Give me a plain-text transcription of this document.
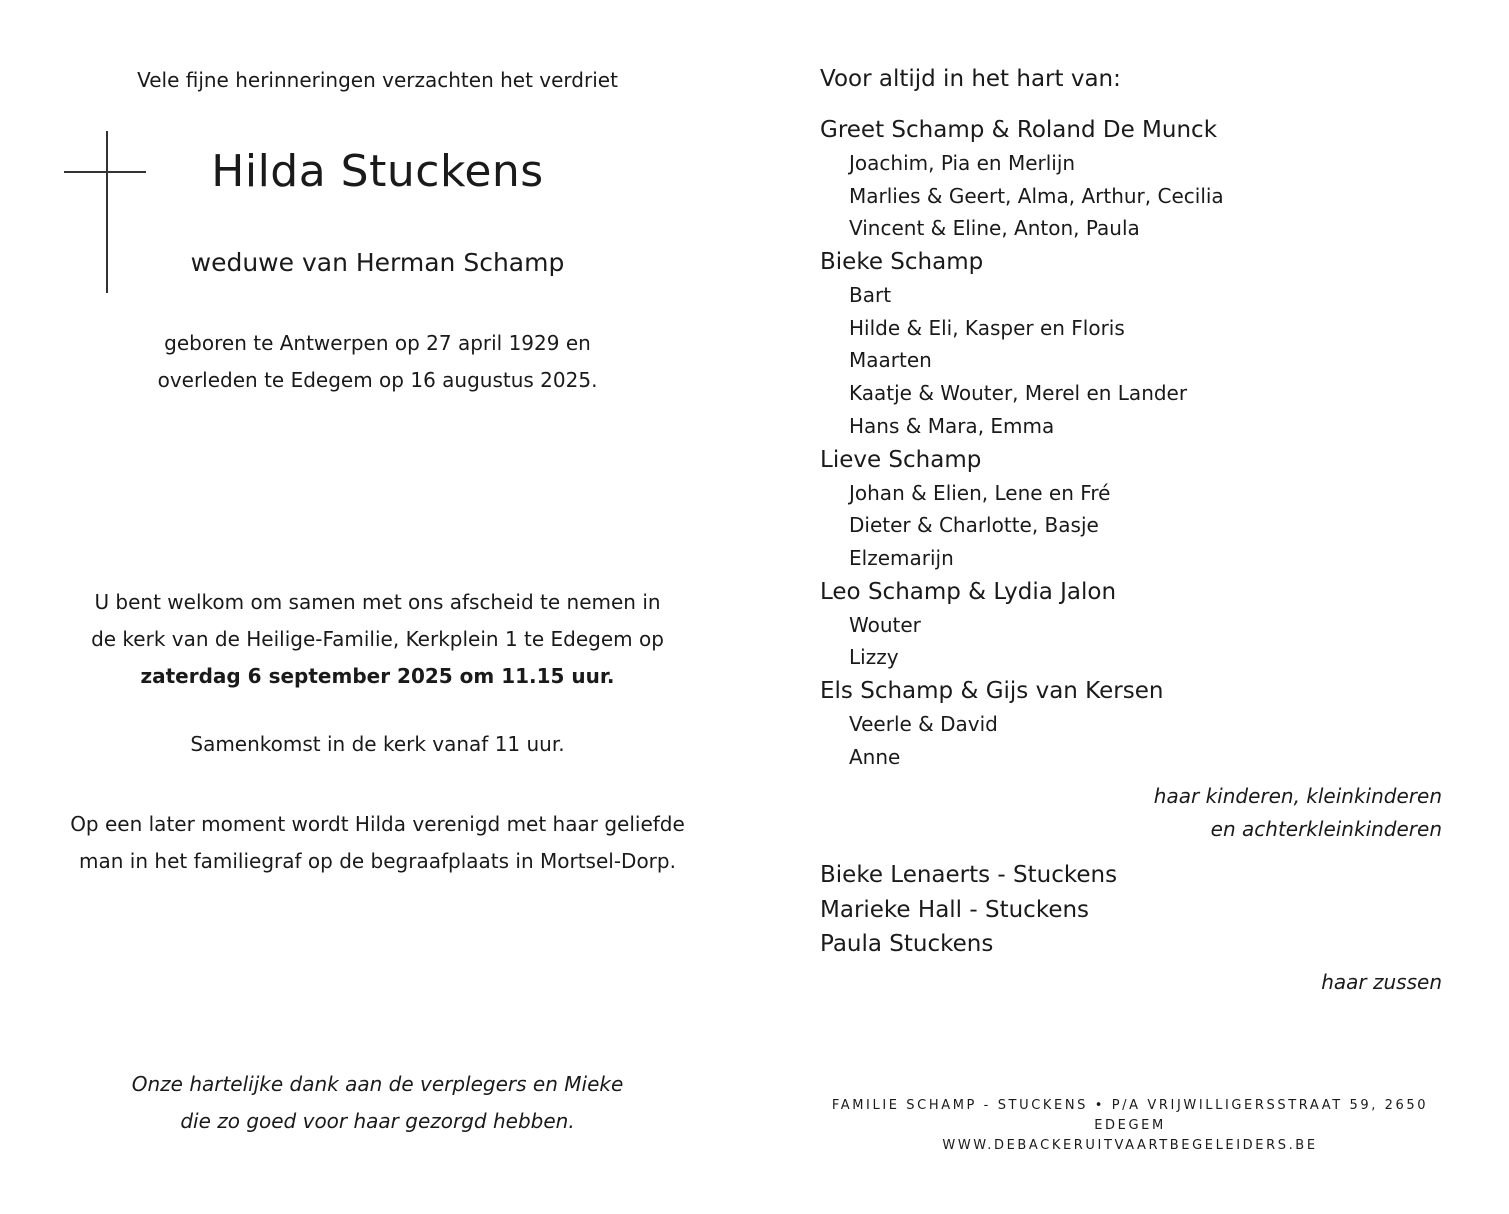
Vele fijne herinneringen verzachten het verdriet
Hilda Stuckens
weduwe van Herman Schamp
geboren te Antwerpen op 27 april 1929 en
overleden te Edegem op 16 augustus 2025.
U bent welkom om samen met ons afscheid te nemen in
de kerk van de Heilige-Familie, Kerkplein 1 te Edegem op
zaterdag 6 september 2025 om 11.15 uur.
Samenkomst in de kerk vanaf 11 uur.
Op een later moment wordt Hilda verenigd met haar geliefde
man in het familiegraf op de begraafplaats in Mortsel-Dorp.
Onze hartelijke dank aan de verplegers en Mieke
die zo goed voor haar gezorgd hebben.
Voor altijd in het hart van:
Greet Schamp & Roland De Munck
Joachim, Pia en Merlijn
Marlies & Geert, Alma, Arthur, Cecilia
Vincent & Eline, Anton, Paula
Bieke Schamp
Bart
Hilde & Eli, Kasper en Floris
Maarten
Kaatje & Wouter, Merel en Lander
Hans & Mara, Emma
Lieve Schamp
Johan & Elien, Lene en Fré
Dieter & Charlotte, Basje
Elzemarijn
Leo Schamp & Lydia Jalon
Wouter
Lizzy
Els Schamp & Gijs van Kersen
Veerle & David
Anne
haar kinderen, kleinkinderen
en achterkleinkinderen
Bieke Lenaerts - Stuckens
Marieke Hall - Stuckens
Paula Stuckens
haar zussen
FAMILIE SCHAMP - STUCKENS • P/A VRIJWILLIGERSSTRAAT 59, 2650 EDEGEM
WWW.DEBACKERUITVAARTBEGELEIDERS.BE
